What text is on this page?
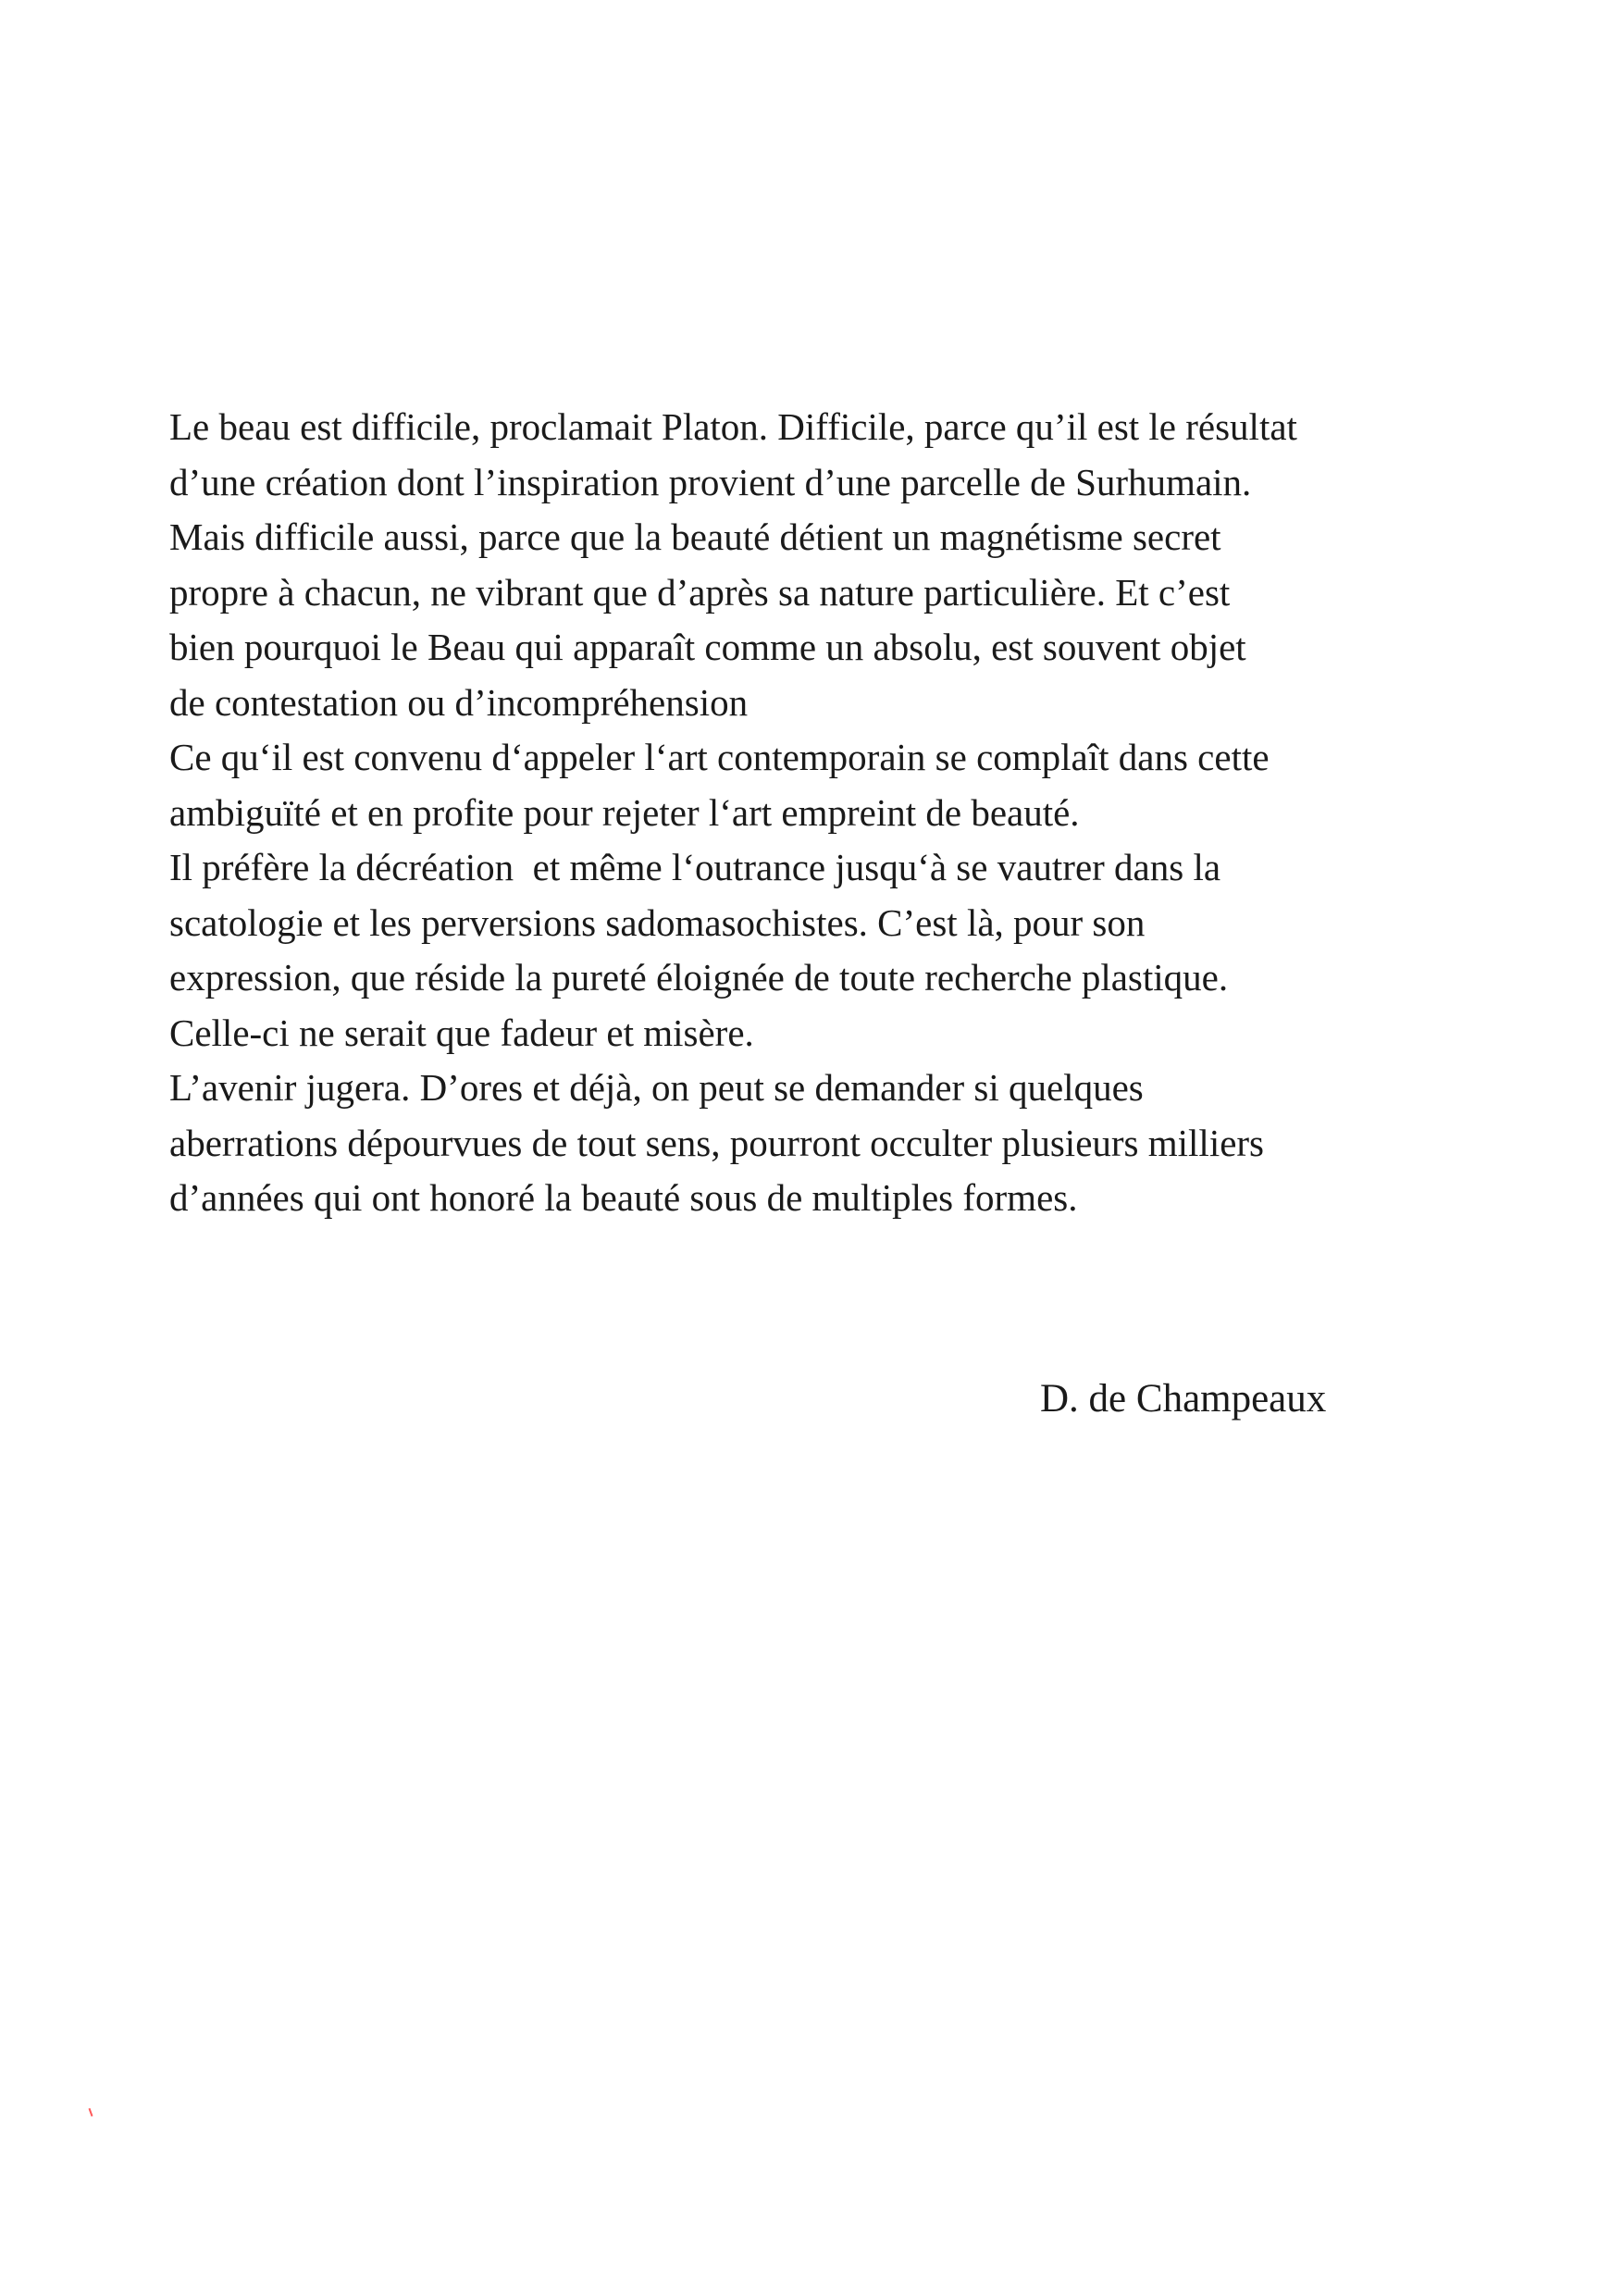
Le beau est difficile, proclamait Platon. Difficile, parce qu’il est le résultat
d’une création dont l’inspiration provient d’une parcelle de Surhumain.
Mais difficile aussi, parce que la beauté détient un magnétisme secret
propre à chacun, ne vibrant que d’après sa nature particulière. Et c’est
bien pourquoi le Beau qui apparaît comme un absolu, est souvent objet
de contestation ou d’incompréhension
Ce qu‘il est convenu d‘appeler l‘art contemporain se complaît dans cette
ambiguïté et en profite pour rejeter l‘art empreint de beauté.
Il préfère la décréation  et même l‘outrance jusqu‘à se vautrer dans la
scatologie et les perversions sadomasochistes. C’est là, pour son
expression, que réside la pureté éloignée de toute recherche plastique.
Celle-ci ne serait que fadeur et misère.
L’avenir jugera. D’ores et déjà, on peut se demander si quelques
aberrations dépourvues de tout sens, pourront occulter plusieurs milliers
d’années qui ont honoré la beauté sous de multiples formes.
D. de Champeaux
